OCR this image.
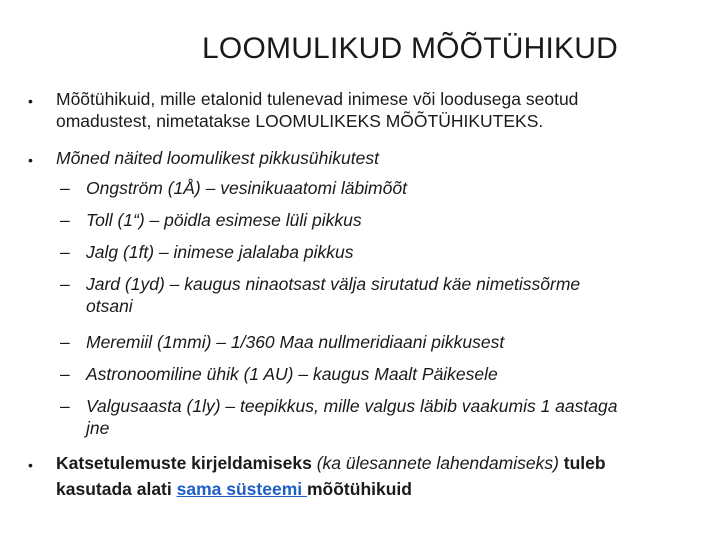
LOOMULIKUD MÕÕTÜHIKUD
•	Mõõtühikuid, mille etalonid tulenevad inimese või loodusega seotud
omadustest, nimetatakse LOOMULIKEKS MÕÕTÜHIKUTEKS.
•	Mõned näited loomulikest pikkusühikutest
– Ongström (1Å) – vesinikuaatomi läbimõõt
– Toll (1“) – pöidla esimese lüli pikkus
– Jalg (1ft) – inimese jalalaba pikkus
– Jard (1yd) – kaugus ninaotsast välja sirutatud käe nimetissõrme
otsani
– Meremiil (1mmi) – 1/360 Maa nullmeridiaani pikkusest
– Astronoomiline ühik (1 AU) – kaugus Maalt Päikesele
– Valgusaasta (1ly) – teepikkus, mille valgus läbib vaakumis 1 aastaga
jne
•	Katsetulemuste kirjeldamiseks (ka ülesannete lahendamiseks) tuleb
kasutada alati sama süsteemi mõõtühikuid
